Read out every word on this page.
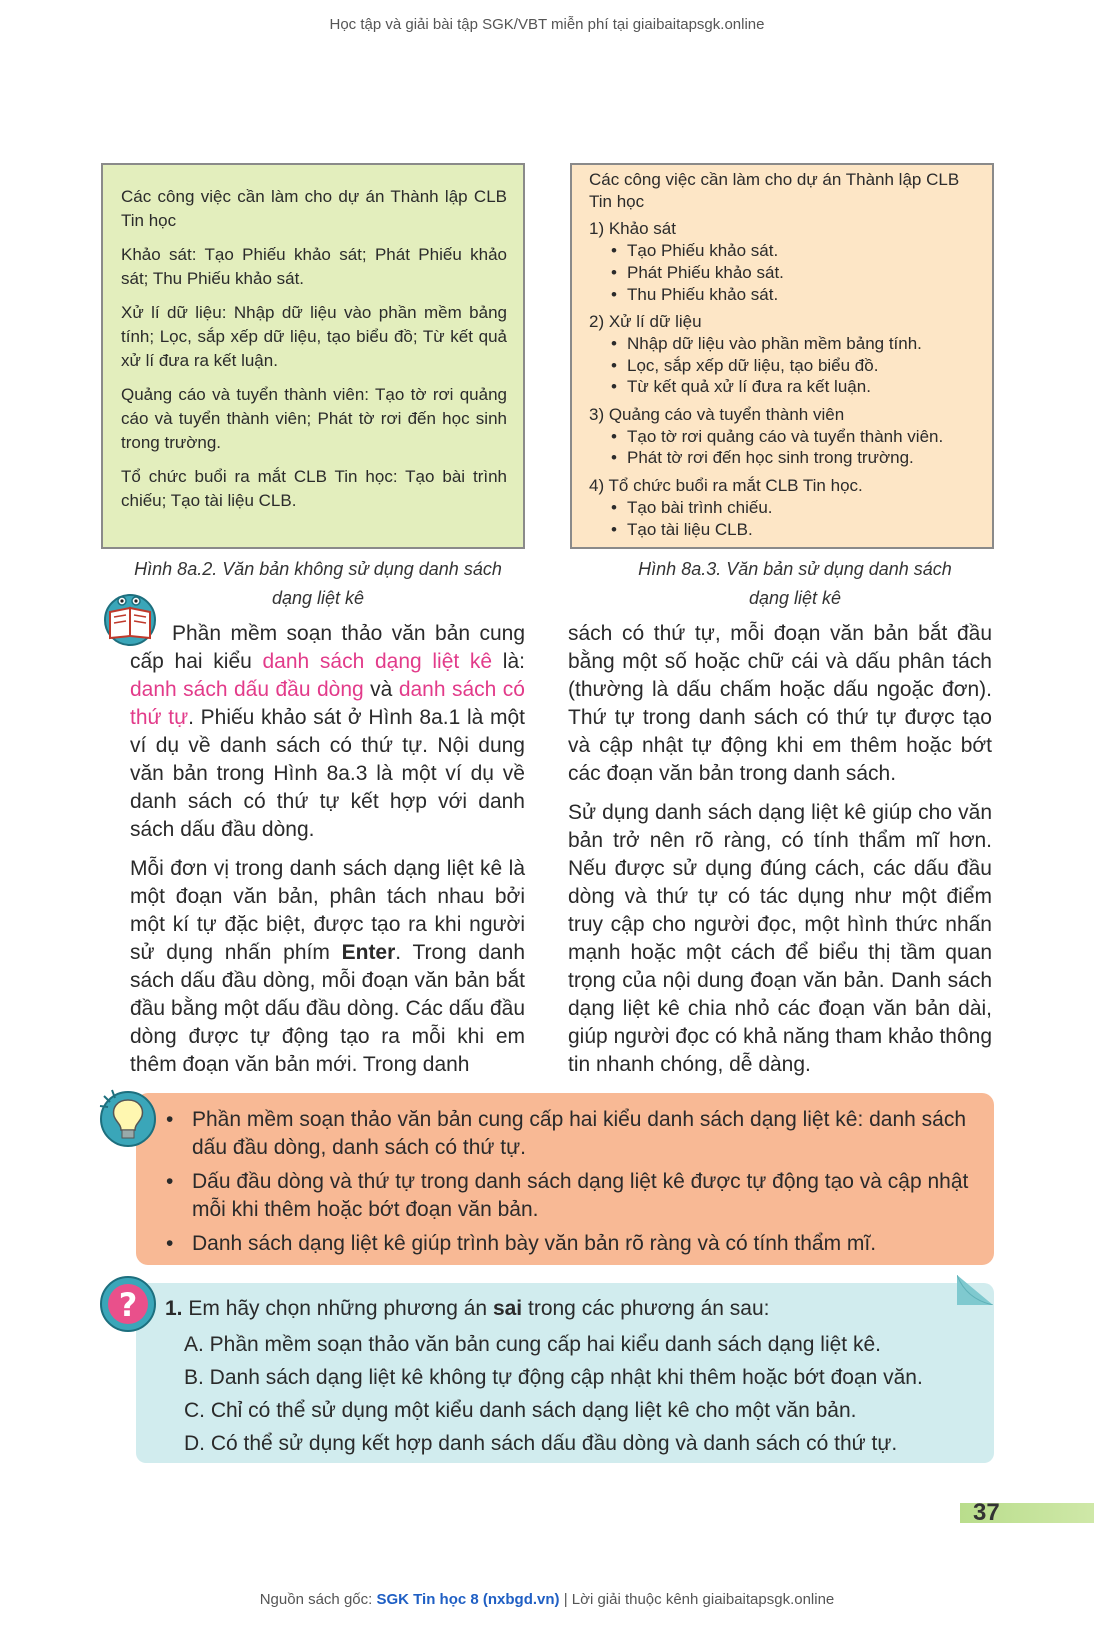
Học tập và giải bài tập SGK/VBT miễn phí tại giaibaitapsgk.online

Các công việc cần làm cho dự án Thành lập CLB Tin học

Khảo sát: Tạo Phiếu khảo sát; Phát Phiếu khảo sát; Thu Phiếu khảo sát.

Xử lí dữ liệu: Nhập dữ liệu vào phần mềm bảng tính; Lọc, sắp xếp dữ liệu, tạo biểu đồ; Từ kết quả xử lí đưa ra kết luận.

Quảng cáo và tuyển thành viên: Tạo tờ rơi quảng cáo và tuyển thành viên; Phát tờ rơi đến học sinh trong trường.

Tổ chức buổi ra mắt CLB Tin học: Tạo bài trình chiếu; Tạo tài liệu CLB.

Các công việc cần làm cho dự án Thành lập CLB Tin học
1) Khảo sát
• Tạo Phiếu khảo sát.
• Phát Phiếu khảo sát.
• Thu Phiếu khảo sát.
2) Xử lí dữ liệu
• Nhập dữ liệu vào phần mềm bảng tính.
• Lọc, sắp xếp dữ liệu, tạo biểu đồ.
• Từ kết quả xử lí đưa ra kết luận.
3) Quảng cáo và tuyển thành viên
• Tạo tờ rơi quảng cáo và tuyển thành viên.
• Phát tờ rơi đến học sinh trong trường.
4) Tổ chức buổi ra mắt CLB Tin học.
• Tạo bài trình chiếu.
• Tạo tài liệu CLB.
Hình 8a.2. Văn bản không sử dụng danh sách
dạng liệt kê
Hình 8a.3. Văn bản sử dụng danh sách
dạng liệt kê

Phần mềm soạn thảo văn bản cung cấp hai kiểu danh sách dạng liệt kê là: danh sách dấu đầu dòng và danh sách có thứ tự. Phiếu khảo sát ở Hình 8a.1 là một ví dụ về danh sách có thứ tự. Nội dung văn bản trong Hình 8a.3 là một ví dụ về danh sách có thứ tự kết hợp với danh sách dấu đầu dòng.

Mỗi đơn vị trong danh sách dạng liệt kê là một đoạn văn bản, phân tách nhau bởi một kí tự đặc biệt, được tạo ra khi người sử dụng nhấn phím Enter. Trong danh sách dấu đầu dòng, mỗi đoạn văn bản bắt đầu bằng một dấu đầu dòng. Các dấu đầu dòng được tự động tạo ra mỗi khi em thêm đoạn văn bản mới. Trong danh

sách có thứ tự, mỗi đoạn văn bản bắt đầu bằng một số hoặc chữ cái và dấu phân tách (thường là dấu chấm hoặc dấu ngoặc đơn). Thứ tự trong danh sách có thứ tự được tạo và cập nhật tự động khi em thêm hoặc bớt các đoạn văn bản trong danh sách.

Sử dụng danh sách dạng liệt kê giúp cho văn bản trở nên rõ ràng, có tính thẩm mĩ hơn. Nếu được sử dụng đúng cách, các dấu đầu dòng và thứ tự có tác dụng như một điểm truy cập cho người đọc, một hình thức nhấn mạnh hoặc một cách để biểu thị tầm quan trọng của nội dung đoạn văn bản. Danh sách dạng liệt kê chia nhỏ các đoạn văn bản dài, giúp người đọc có khả năng tham khảo thông tin nhanh chóng, dễ dàng.

• Phần mềm soạn thảo văn bản cung cấp hai kiểu danh sách dạng liệt kê: danh sách dấu đầu dòng, danh sách có thứ tự.
• Dấu đầu dòng và thứ tự trong danh sách dạng liệt kê được tự động tạo và cập nhật mỗi khi thêm hoặc bớt đoạn văn bản.
• Danh sách dạng liệt kê giúp trình bày văn bản rõ ràng và có tính thẩm mĩ.
? 1. Em hãy chọn những phương án sai trong các phương án sau:
A. Phần mềm soạn thảo văn bản cung cấp hai kiểu danh sách dạng liệt kê.
B. Danh sách dạng liệt kê không tự động cập nhật khi thêm hoặc bớt đoạn văn.
C. Chỉ có thể sử dụng một kiểu danh sách dạng liệt kê cho một văn bản.
D. Có thể sử dụng kết hợp danh sách dấu đầu dòng và danh sách có thứ tự.
37
Nguồn sách gốc: SGK Tin học 8 (nxbgd.vn) | Lời giải thuộc kênh giaibaitapsgk.online
